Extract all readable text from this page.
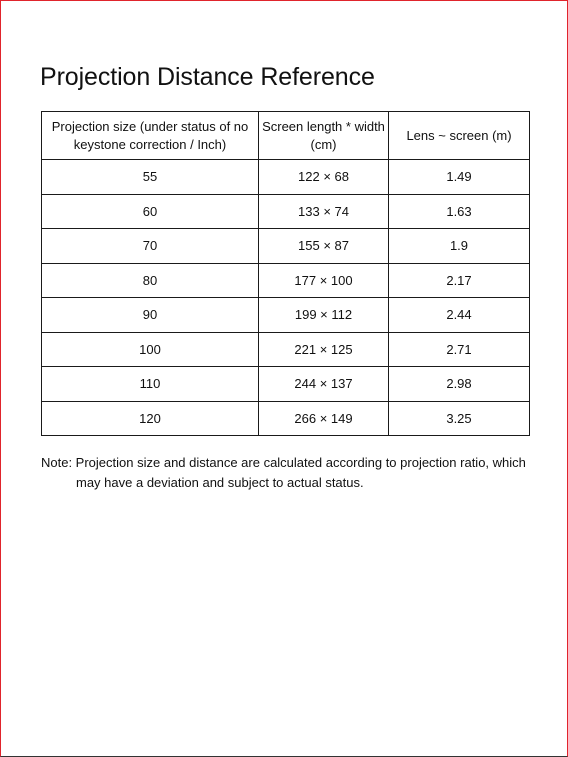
Projection Distance Reference
Projection size (under status of no keystone correction / Inch)	Screen length * width (cm)	Lens ~ screen (m)
55	122 × 68	1.49
60	133 × 74	1.63
70	155 × 87	1.9
80	177 × 100	2.17
90	199 × 112	2.44
100	221 × 125	2.71
110	244 × 137	2.98
120	266 × 149	3.25

Note: Projection size and distance are calculated according to projection ratio, which
may have a deviation and subject to actual status.
